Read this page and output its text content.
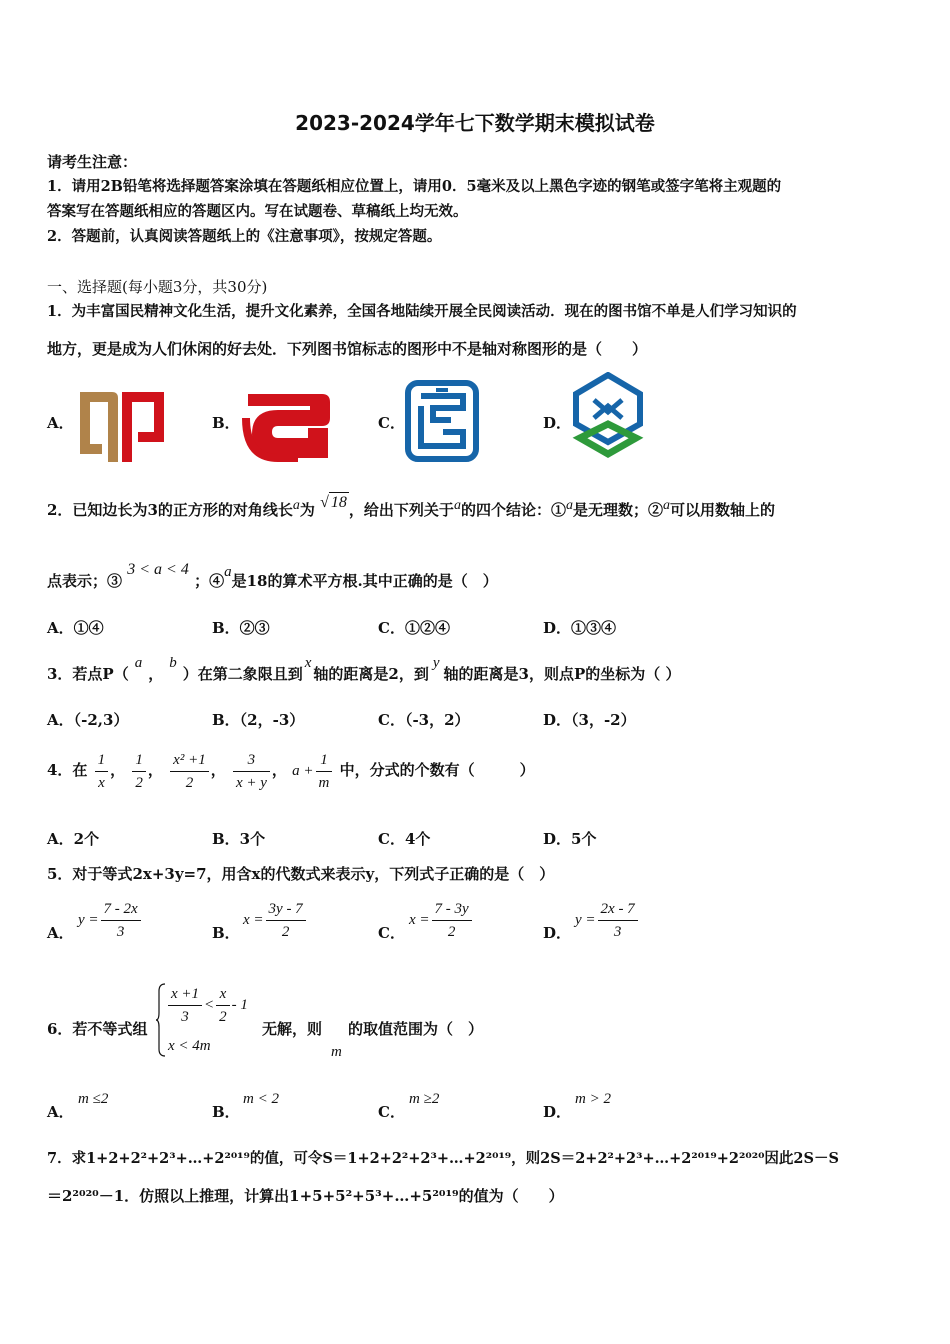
2023-2024学年七下数学期末模拟试卷
请考生注意：
1．请用2B铅笔将选择题答案涂填在答题纸相应位置上，请用0．5毫米及以上黑色字迹的钢笔或签字笔将主观题的
答案写在答题纸相应的答题区内。写在试题卷、草稿纸上均无效。
2．答题前，认真阅读答题纸上的《注意事项》，按规定答题。
一、选择题(每小题3分，共30分)
1．为丰富国民精神文化生活，提升文化素养，全国各地陆续开展全民阅读活动．现在的图书馆不单是人们学习知识的
地方，更是成为人们休闲的好去处．下列图书馆标志的图形中不是轴对称图形的是（　　）
A．	B．	C．	D．
2．已知边长为3的正方形的对角线长a为 √ 18 ，给出下列关于a的四个结论：①a是无理数；②a可以用数轴上的
点表示；③ 3 < a < 4 ；④a是18的算术平方根.其中正确的是（　）
A．①④	B．②③	C．①②④	D．①③④
3．若点P（a，b）在第二象限且到x轴的距离是2，到y轴的距离是3，则点P的坐标为（ ）
A．（-2,3）	B．（2，-3）	C．（-3，2）	D．（3，-2）
4．在 $\frac{1}{x}$ ， $\frac{1}{2}$ ， $\frac{\text{x² +1}}{2}$ ， $\frac{3}{x + y}$ ， $a + \frac{1}{m}$ 中，分式的个数有（　　　）
A．2个	B．3个	C．4个	D．5个
5．对于等式2x+3y=7，用含x的代数式来表示y，下列式子正确的是（　）
A．
$y = \frac{7 - 2x}{3}$	B．
$x = \frac{3y - 7}{2}$	C．
$x = \frac{7 - 3y}{2}$	D．
$y = \frac{2x - 7}{3}$
6．若不等式组
$\frac{x +1}{3} < \frac{x}{2} - 1$
x < 4m
无解，则
m
的取值范围为（　）
A．
m ≤2
B．
m < 2
C．
m ≥2
D．
m > 2
7．求1+2+2²+2³+…+2²⁰¹⁹的值，可令S＝1+2+2²+2³+…+2²⁰¹⁹，则2S＝2+2²+2³+…+2²⁰¹⁹+2²⁰²⁰因此2S－S
＝2²⁰²⁰－1．仿照以上推理，计算出1+5+5²+5³+…+5²⁰¹⁹的值为（　　）
